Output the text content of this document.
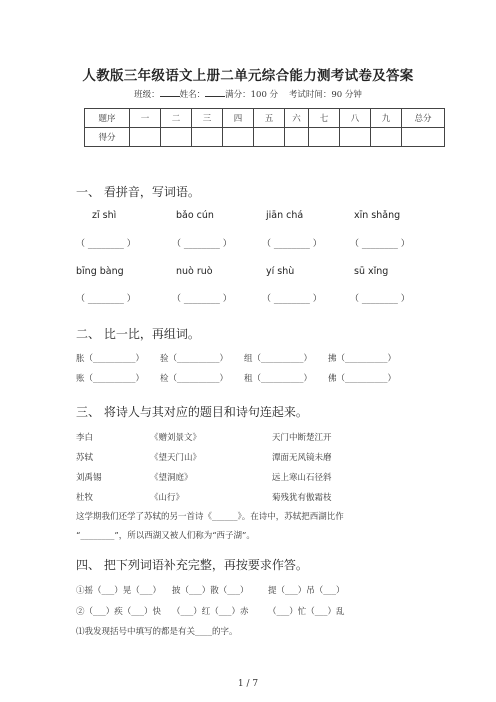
人教版三年级语文上册二单元综合能力测考试卷及答案
班级： 姓名： 满分：100 分 考试时间：90 分钟
题序	一	二	三	四	五	六	七	八	九	总分
得分										
一、 看拼音，写词语。
zī shì	bǎo cún	jiān chá	xīn shǎng
（ ________ ）	（ ________ ）	（ ________ ）	（ ________ ）
bīng bàng	nuò ruò	yí shù	sū xǐng
（ ________ ）	（ ________ ）	（ ________ ）	（ ________ ）
二、 比一比，再组词。
胀（__________） 验（__________） 组（__________） 拂（__________）
账（__________） 检（__________） 租（__________） 佛（__________）
三、 将诗人与其对应的题目和诗句连起来。
李白	《赠刘景文》	天门中断楚江开
苏轼	《望天门山》	潭面无风镜未磨
刘禹锡	《望洞庭》	远上寒山石径斜
杜牧	《山行》	菊残犹有傲霜枝
这学期我们还学了苏轼的另一首诗《______》。在诗中，苏轼把西湖比作
“________”，所以西湖又被人们称为“西子湖”。
四、 把下列词语补充完整，再按要求作答。
①摇（___）晃（___） 披（___）散（___） 提（___）吊（___）
②（___）疾（___）快 （___）红（___）赤 （___）忙（___）乱
⑴我发现括号中填写的都是有关____的字。
1 / 7
